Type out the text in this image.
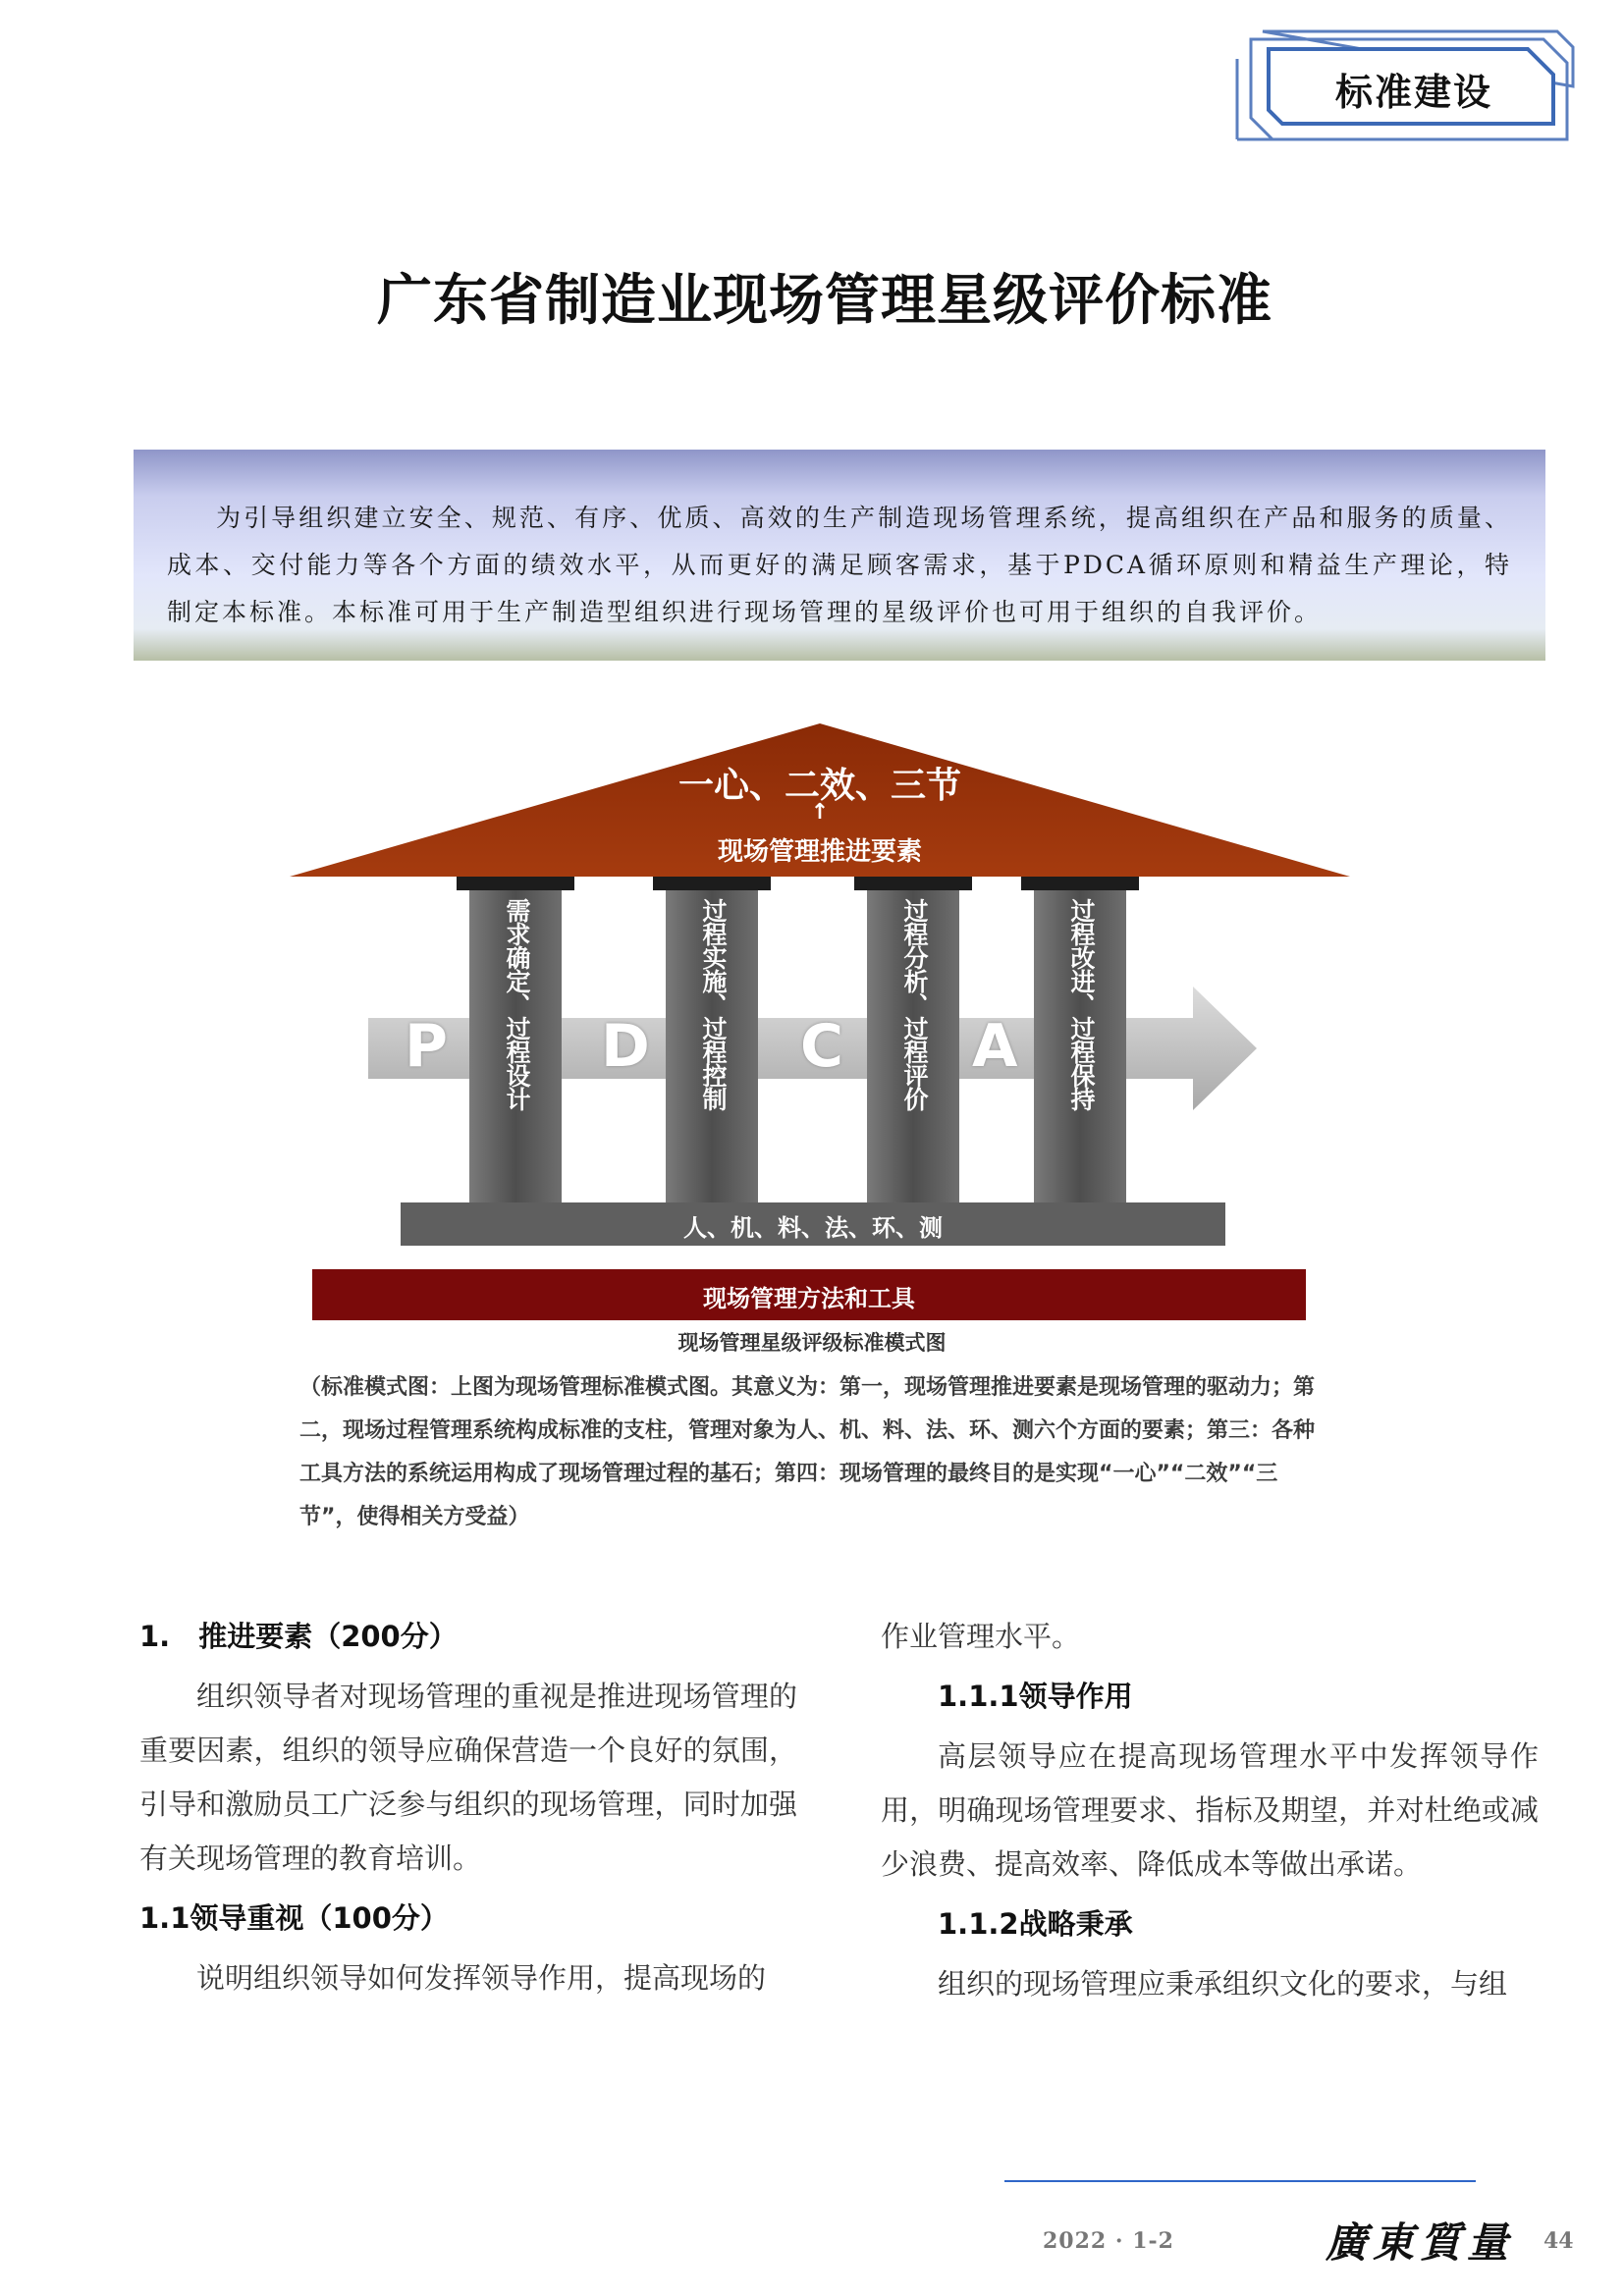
标准建设
广东省制造业现场管理星级评价标准

为引导组织建立安全、规范、有序、优质、高效的生产制造现场管理系统，提高组织在产品和服务的质量、成本、交付能力等各个方面的绩效水平，从而更好的满足顾客需求，基于PDCA循环原则和精益生产理论，特制定本标准。本标准可用于生产制造型组织进行现场管理的星级评价也可用于组织的自我评价。

一心、二效、三节
↑
现场管理推进要素
P	D	C A
需求确定、过程设计	过程实施、过程控制	过程分析、过程评价	过程改进、过程保持
人、机、料、法、环、测
现场管理方法和工具
现场管理星级评级标准模式图

（标准模式图：上图为现场管理标准模式图。其意义为：第一，现场管理推进要素是现场管理的驱动力；第二，现场过程管理系统构成标准的支柱，管理对象为人、机、料、法、环、测六个方面的要素；第三：各种工具方法的系统运用构成了现场管理过程的基石；第四：现场管理的最终目的是实现“一心”“二效”“三节”，使得相关方受益）

1. 推进要素（200分）

组织领导者对现场管理的重视是推进现场管理的重要因素，组织的领导应确保营造一个良好的氛围，引导和激励员工广泛参与组织的现场管理，同时加强有关现场管理的教育培训。

1.1领导重视（100分）

说明组织领导如何发挥领导作用，提高现场的

作业管理水平。

1.1.1领导作用

高层领导应在提高现场管理水平中发挥领导作用，明确现场管理要求、指标及期望，并对杜绝或减少浪费、提高效率、降低成本等做出承诺。

1.1.2战略秉承

组织的现场管理应秉承组织文化的要求，与组

2022 · 1-2	廣東質量 44
